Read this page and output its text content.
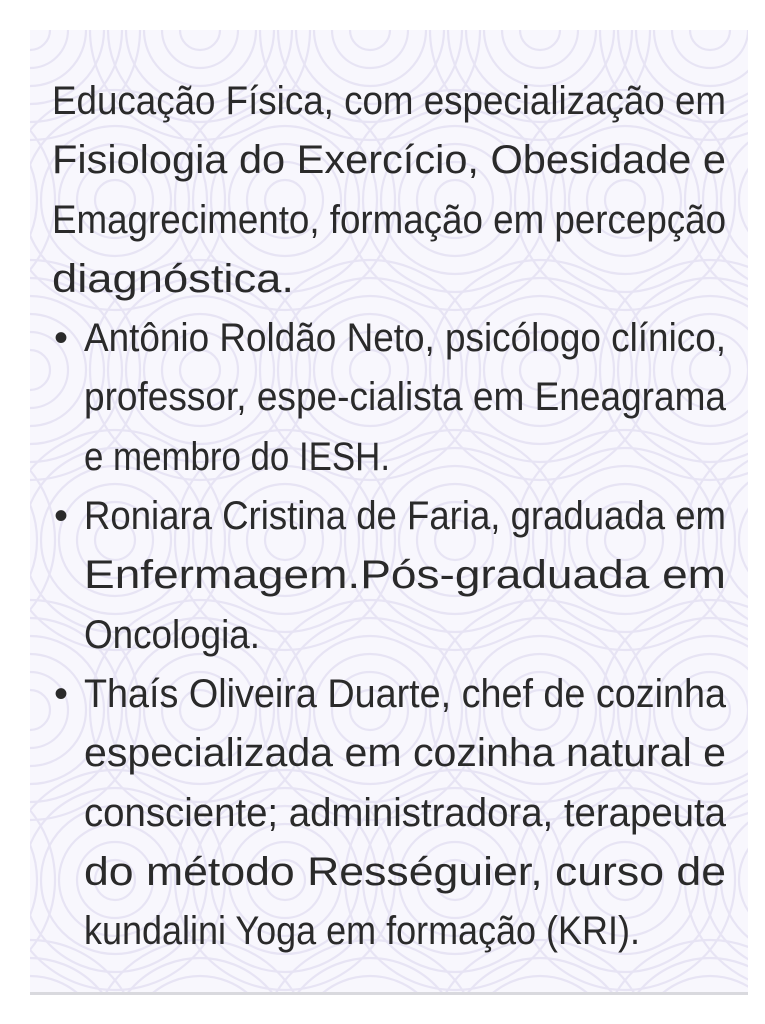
Educação Física, com especialização em
Fisiologia do Exercício, Obesidade e
Emagrecimento, formação em percepção
diagnóstica.
• Antônio Roldão Neto, psicólogo clínico,
professor, espe-cialista em Eneagrama
e membro do IESH.
• Roniara Cristina de Faria, graduada em
Enfermagem.Pós-graduada em
Oncologia.
• Thaís Oliveira Duarte, chef de cozinha
especializada em cozinha natural e
consciente; administradora, terapeuta
do método Rességuier, curso de
kundalini Yoga em formação (KRI).
